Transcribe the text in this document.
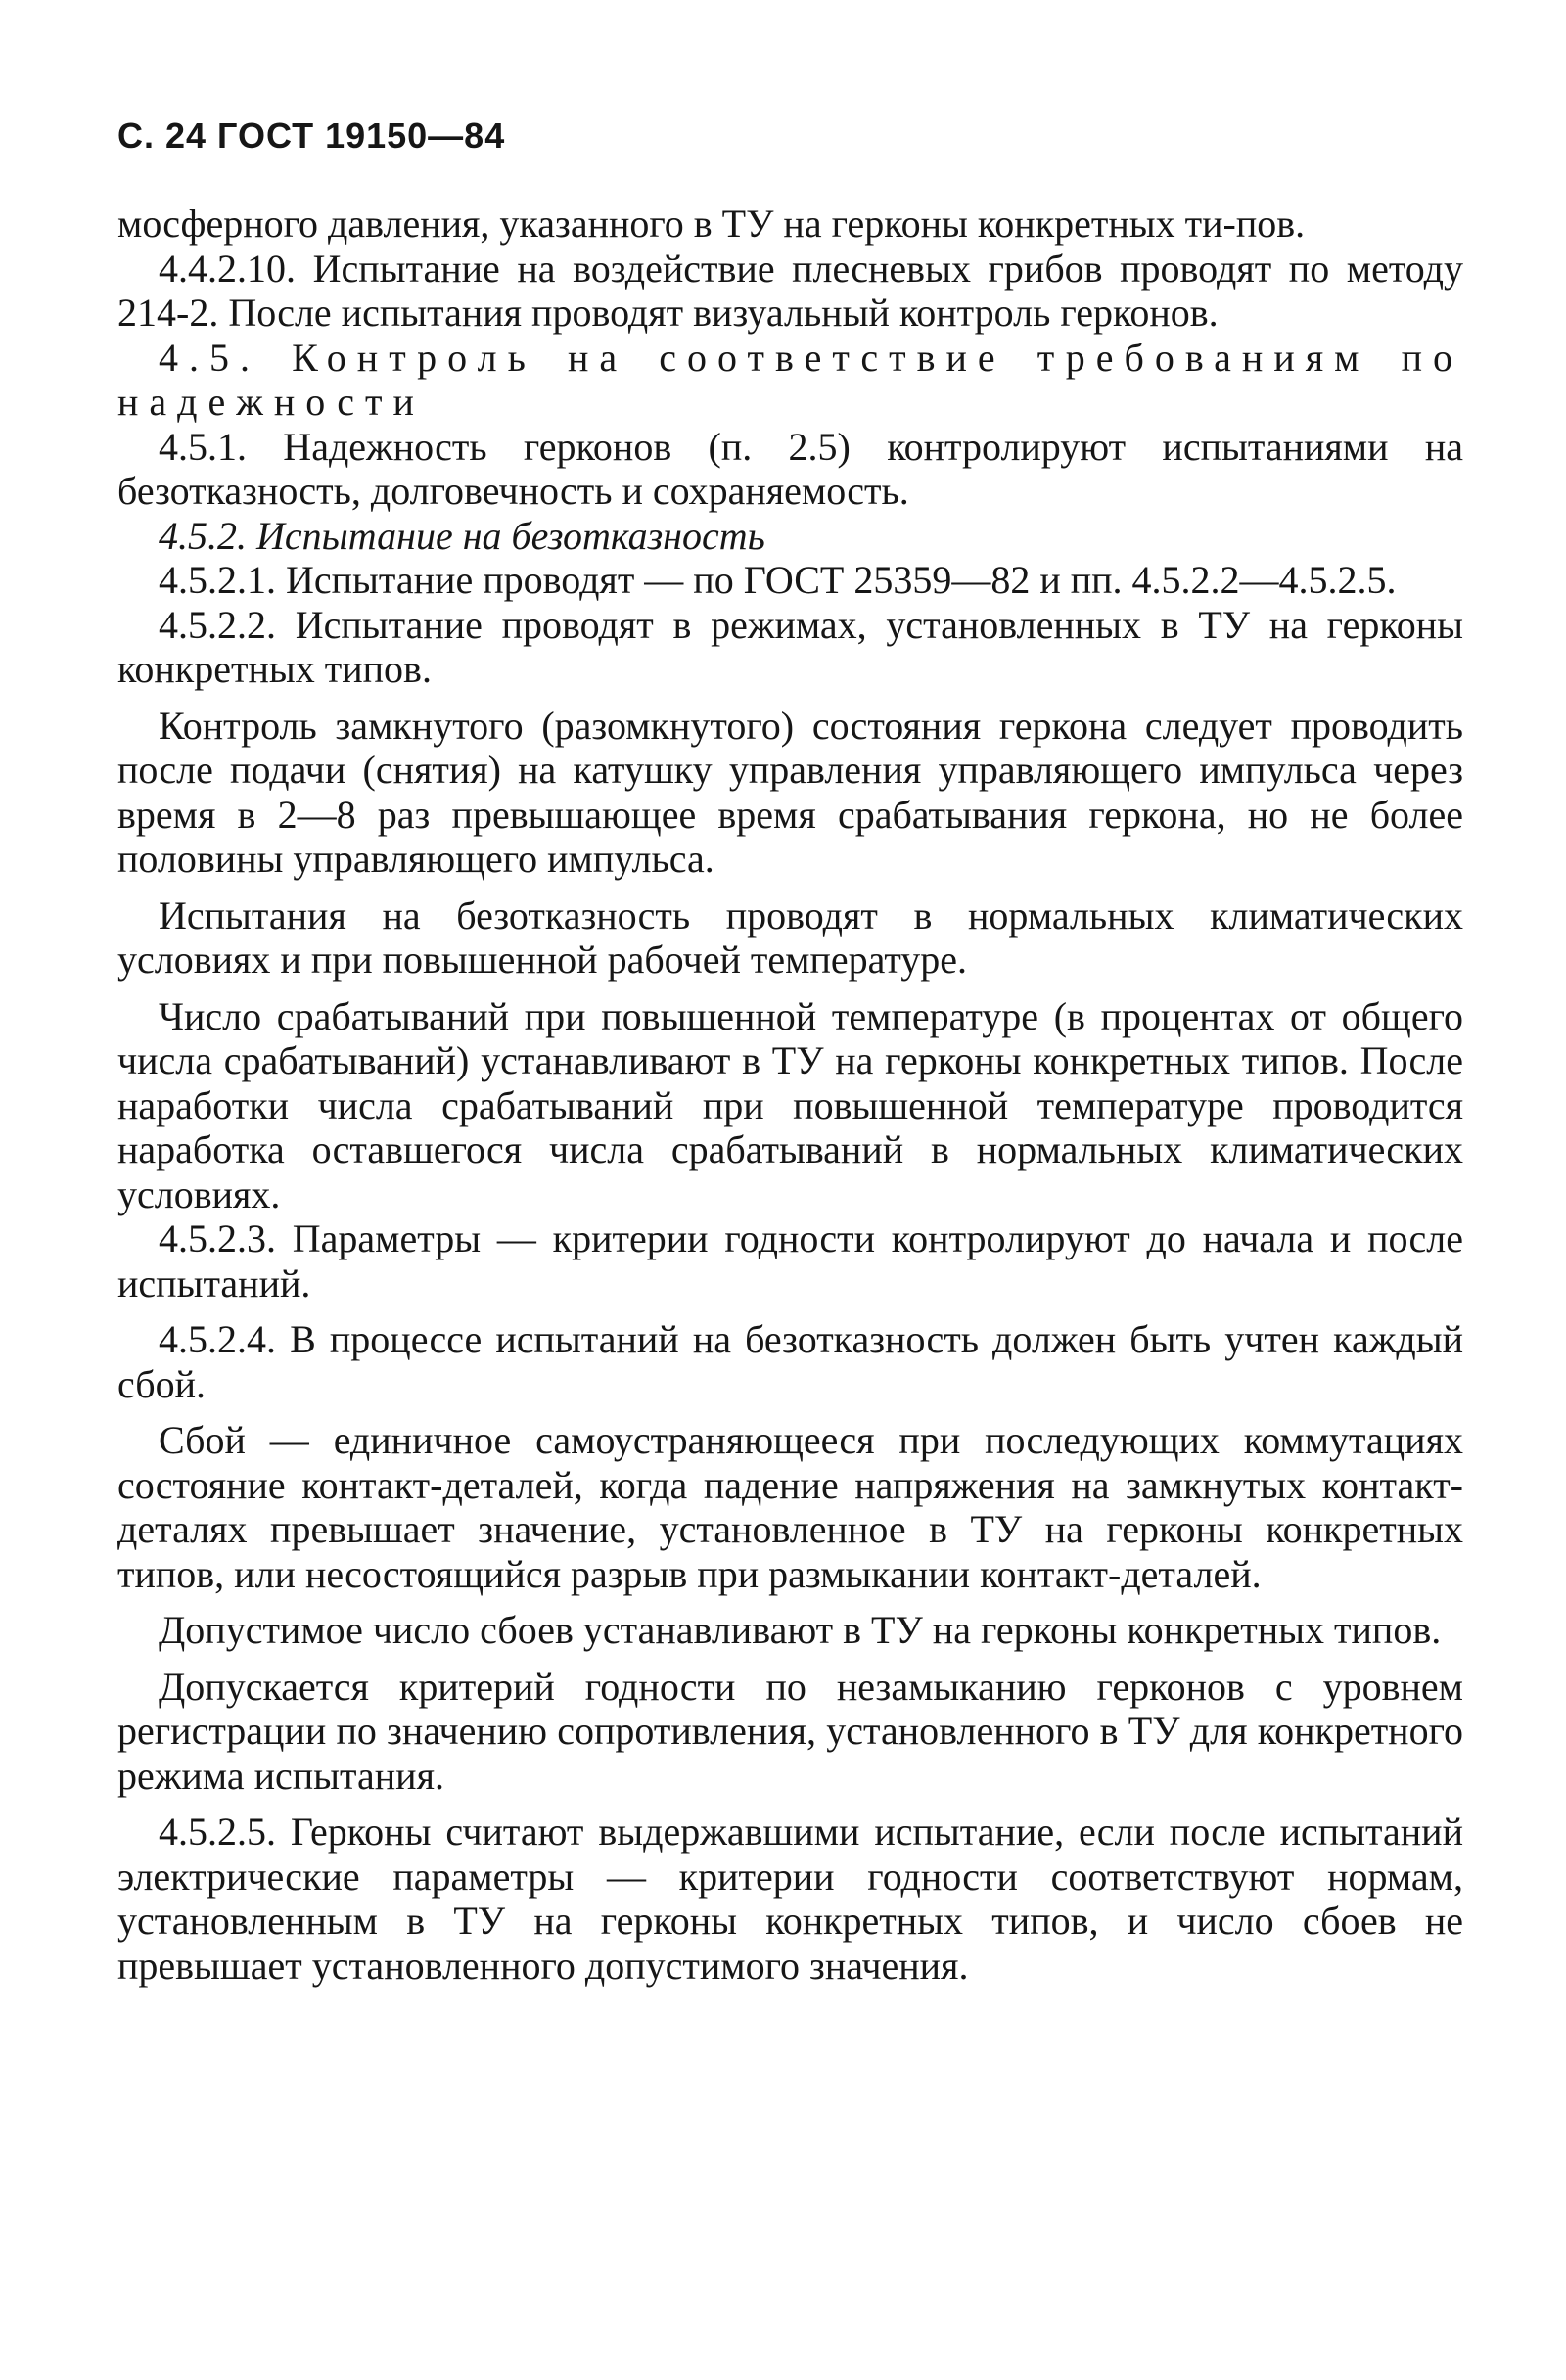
С. 24 ГОСТ 19150—84

мосферного давления, указанного в ТУ на герконы конкретных ти-пов.

4.4.2.10. Испытание на воздействие плесневых грибов проводят по методу 214-2. После испытания проводят визуальный контроль герконов.

4.5. Контроль на соответствие требованиям по надежности

4.5.1. Надежность герконов (п. 2.5) контролируют испытаниями на безотказность, долговечность и сохраняемость.

4.5.2. Испытание на безотказность

4.5.2.1. Испытание проводят — по ГОСТ 25359—82 и пп. 4.5.2.2—4.5.2.5.

4.5.2.2. Испытание проводят в режимах, установленных в ТУ на герконы конкретных типов.

Контроль замкнутого (разомкнутого) состояния геркона следует проводить после подачи (снятия) на катушку управления управляющего импульса через время в 2—8 раз превышающее время срабатывания геркона, но не более половины управляющего импульса.

Испытания на безотказность проводят в нормальных климатических условиях и при повышенной рабочей температуре.

Число срабатываний при повышенной температуре (в процентах от общего числа срабатываний) устанавливают в ТУ на герконы конкретных типов. После наработки числа срабатываний при повышенной температуре проводится наработка оставшегося числа срабатываний в нормальных климатических условиях.

4.5.2.3. Параметры — критерии годности контролируют до начала и после испытаний.

4.5.2.4. В процессе испытаний на безотказность должен быть учтен каждый сбой.

Сбой — единичное самоустраняющееся при последующих коммутациях состояние контакт-деталей, когда падение напряжения на замкнутых контакт-деталях превышает значение, установленное в ТУ на герконы конкретных типов, или несостоящийся разрыв при размыкании контакт-деталей.

Допустимое число сбоев устанавливают в ТУ на герконы конкретных типов.

Допускается критерий годности по незамыканию герконов с уровнем регистрации по значению сопротивления, установленного в ТУ для конкретного режима испытания.

4.5.2.5. Герконы считают выдержавшими испытание, если после испытаний электрические параметры — критерии годности соответствуют нормам, установленным в ТУ на герконы конкретных типов, и число сбоев не превышает установленного допустимого значения.
